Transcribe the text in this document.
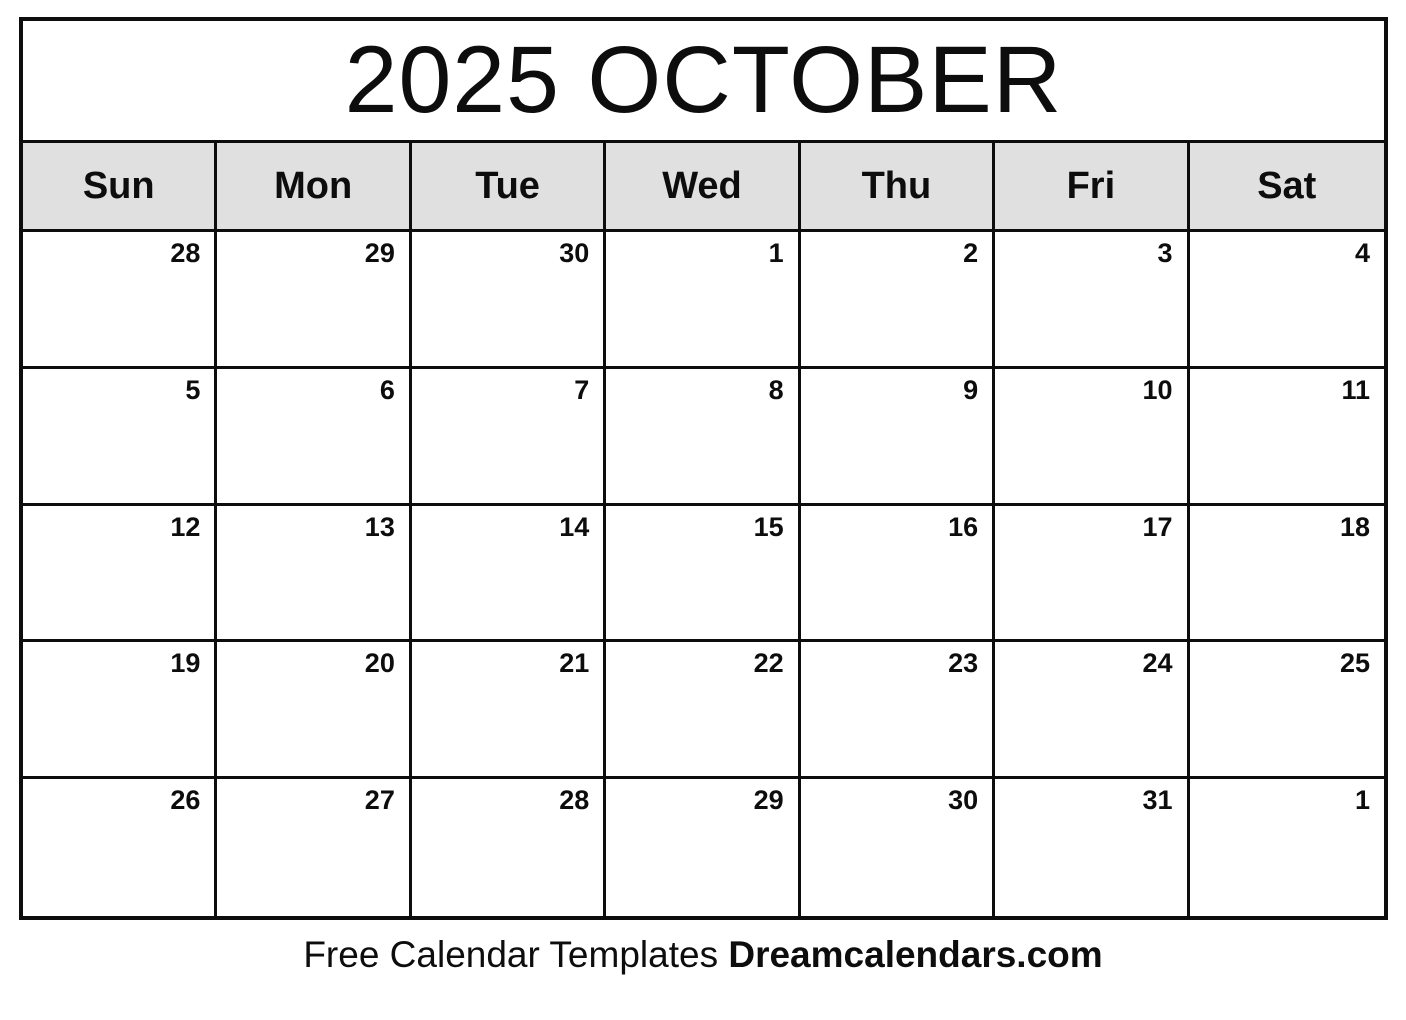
2025 OCTOBER
Sun	Mon	Tue	Wed	Thu	Fri	Sat
28	29	30	1	2	3	4
5	6	7	8	9	10	11
12	13	14	15	16	17	18
19	20	21	22	23	24	25
26	27	28	29	30	31	1
Free Calendar Templates Dreamcalendars.com
